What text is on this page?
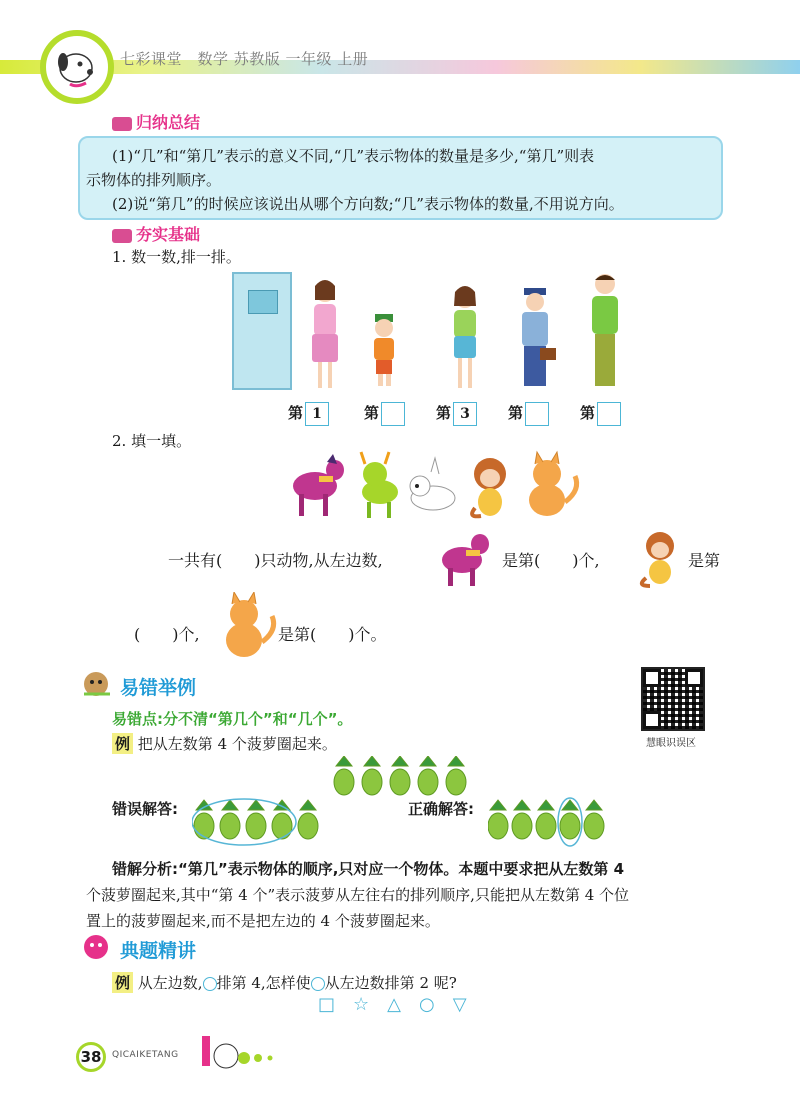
七彩课堂　数学 苏教版 一年级 上册
归纳总结
(1)“几”和“第几”表示的意义不同,“几”表示物体的数量是多少,“第几”则表
示物体的排列顺序。
(2)说“第几”的时候应该说出从哪个方向数;“几”表示物体的数量,不用说方向。
夯实基础
1. 数一数,排一排。
第 1	第	第 3	第	第
2. 填一填。
一共有(　　)只动物,从左边数,	是第(　　)个,	是第
(　　)个,	是第(　　)个。
易错举例
易错点:分不清“第几个”和“几个”。
例 把从左数第 4 个菠萝圈起来。	慧眼识误区
错误解答:	正确解答:
错解分析:“第几”表示物体的顺序,只对应一个物体。本题中要求把从左数第 4
个菠萝圈起来,其中“第 4 个”表示菠萝从左往右的排列顺序,只能把从左数第 4 个位
置上的菠萝圈起来,而不是把左边的 4 个菠萝圈起来。
典题精讲
例 从左边数, 排第 4,怎样使 从左边数排第 2 呢?
□☆△○▽
38	QICAIKETANG
